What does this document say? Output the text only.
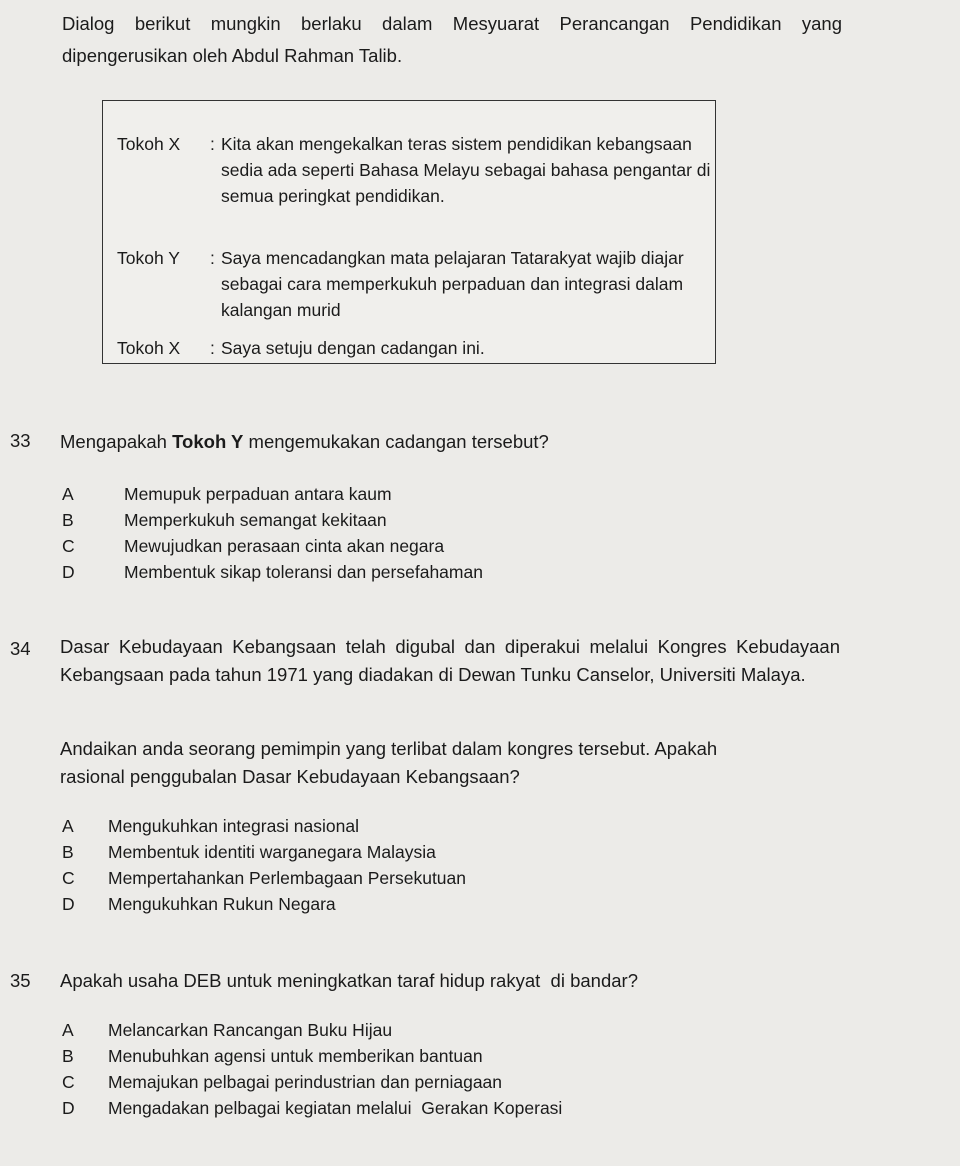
Dialog berikut mungkin berlaku dalam Mesyuarat Perancangan Pendidikan yang dipengerusikan oleh Abdul Rahman Talib.
Tokoh X	: Kita akan mengekalkan teras sistem pendidikan kebangsaan sedia ada seperti Bahasa Melayu sebagai bahasa pengantar di semua peringkat pendidikan.
Tokoh Y	: Saya mencadangkan mata pelajaran Tatarakyat wajib diajar sebagai cara memperkukuh perpaduan dan integrasi dalam kalangan murid
Tokoh X	: Saya setuju dengan cadangan ini.
33 Mengapakah Tokoh Y mengemukakan cadangan tersebut?
A	Memupuk perpaduan antara kaum
B	Memperkukuh semangat kekitaan
C	Mewujudkan perasaan cinta akan negara
D	Membentuk sikap toleransi dan persefahaman
34 Dasar Kebudayaan Kebangsaan telah digubal dan diperakui melalui Kongres Kebudayaan Kebangsaan pada tahun 1971 yang diadakan di Dewan Tunku Canselor, Universiti Malaya.
Andaikan anda seorang pemimpin yang terlibat dalam kongres tersebut. Apakah rasional penggubalan Dasar Kebudayaan Kebangsaan?
A Mengukuhkan integrasi nasional
B Membentuk identiti warganegara Malaysia
C Mempertahankan Perlembagaan Persekutuan
D Mengukuhkan Rukun Negara
35 Apakah usaha DEB untuk meningkatkan taraf hidup rakyat  di bandar?
A Melancarkan Rancangan Buku Hijau
B Menubuhkan agensi untuk memberikan bantuan
C Memajukan pelbagai perindustrian dan perniagaan
D Mengadakan pelbagai kegiatan melalui  Gerakan Koperasi
